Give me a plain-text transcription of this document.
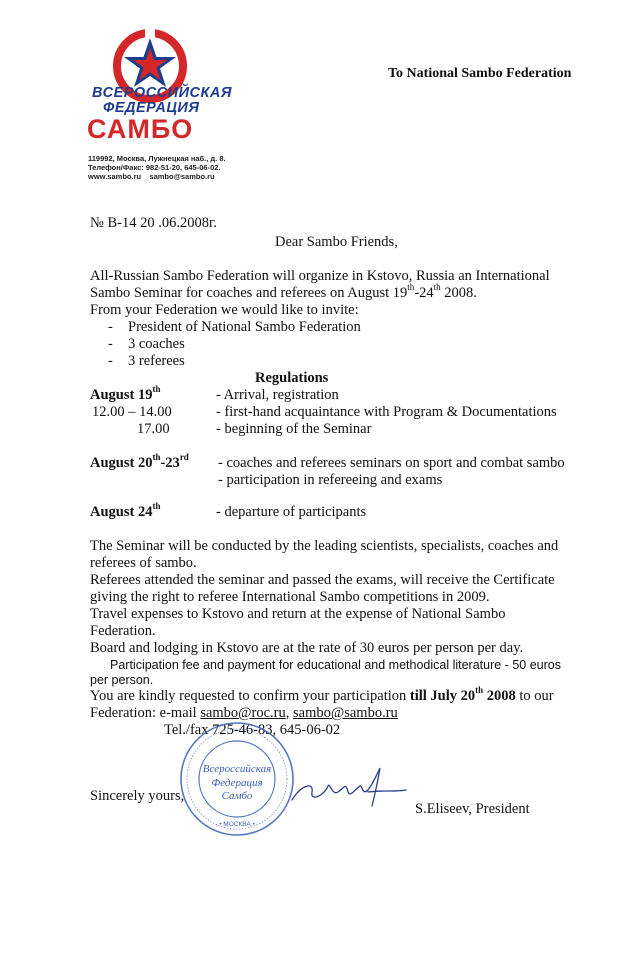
ВСЕРОССИЙСКАЯ
ФЕДЕРАЦИЯ
САМБО
119992, Москва, Лужнецкая наб., д. 8.
Телефон/Факс: 982-51-20, 645-06-02.
www.sambo.ru    sambo@sambo.ru
To National Sambo Federation
№ В-14 20 .06.2008г.
Dear Sambo Friends,
All-Russian Sambo Federation will organize in Kstovo, Russia an International
Sambo Seminar for coaches and referees on August 19th-24th 2008.
From your Federation we would like to invite:
- President of National Sambo Federation
- 3 coaches
- 3 referees
Regulations
August 19th	- Arrival, registration
12.00 – 14.00	- first-hand acquaintance with Program & Documentations
17.00	- beginning of the Seminar
August 20th-23rd - coaches and referees seminars on sport and combat sambo
- participation in refereeing and exams
August 24th	- departure of participants
The Seminar will be conducted by the leading scientists, specialists, coaches and
referees of sambo.
Referees attended the seminar and passed the exams, will receive the Certificate
giving the right to referee International Sambo competitions in 2009.
Travel expenses to Kstovo and return at the expense of National Sambo
Federation.
Board and lodging in Kstovo are at the rate of 30 euros per person per day.
Participation fee and payment for educational and methodical literature - 50 euros
per person.
You are kindly requested to confirm your participation till July 20th 2008 to our
Federation: e-mail sambo@roc.ru, sambo@sambo.ru
Tel./fax 725-46-83, 645-06-02
Всероссийская
Федерация
Самбо
• МОСКВА •
Sincerely yours,
S.Eliseev, President
